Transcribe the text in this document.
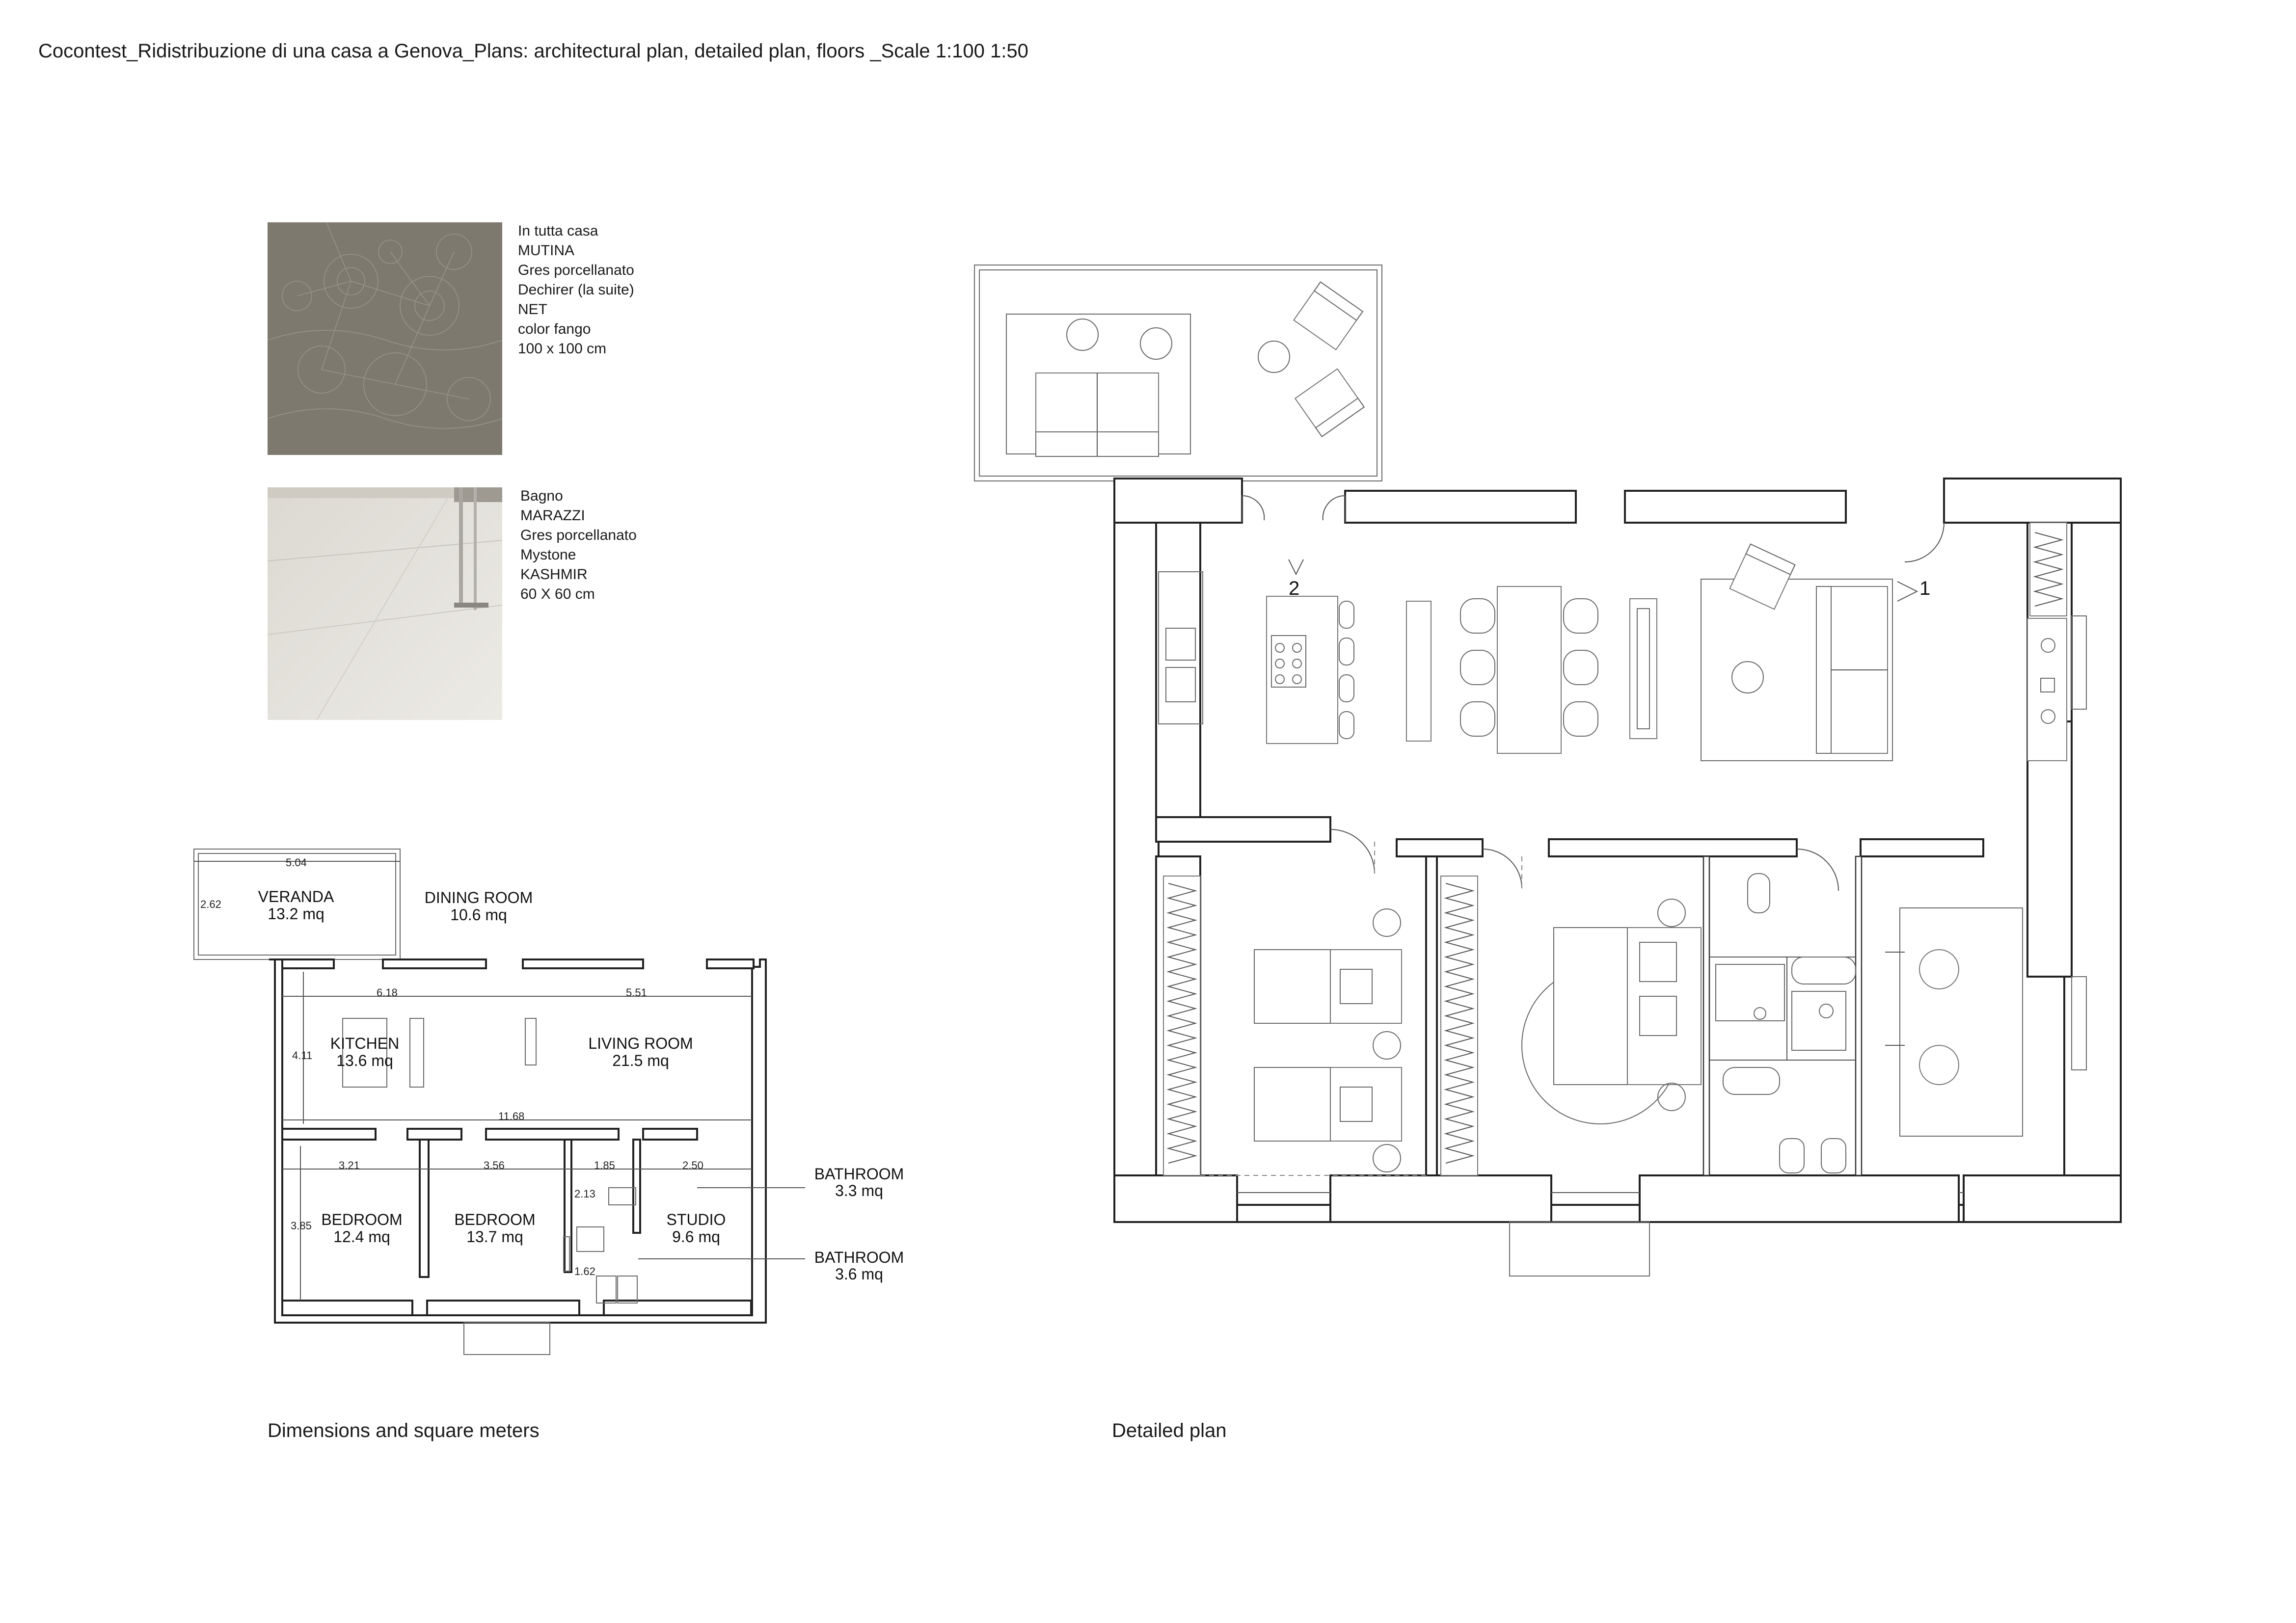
Cocontest_Ridistribuzione di una casa a Genova_Plans: architectural plan, detailed plan, floors _Scale 1:100 1:50
In tutta casa
MUTINA
Gres porcellanato
Dechirer (la suite)
NET
color fango
100 x 100 cm
Bagno
MARAZZI
Gres porcellanato
Mystone
KASHMIR
60 X 60 cm
5.04
2.62
6.18	5.51
4.11
11.68
3.21	3.56	1.85	2.50
2.13
3.85
1.62
VERANDA
13.2 mq
DINING ROOM
10.6 mq
KITCHEN
13.6 mq
LIVING ROOM
21.5 mq
BEDROOM
12.4 mq
BEDROOM
13.7 mq
STUDIO
9.6 mq
BATHROOM
3.3 mq
BATHROOM
3.6 mq
2	1
Dimensions and square meters	Detailed plan
